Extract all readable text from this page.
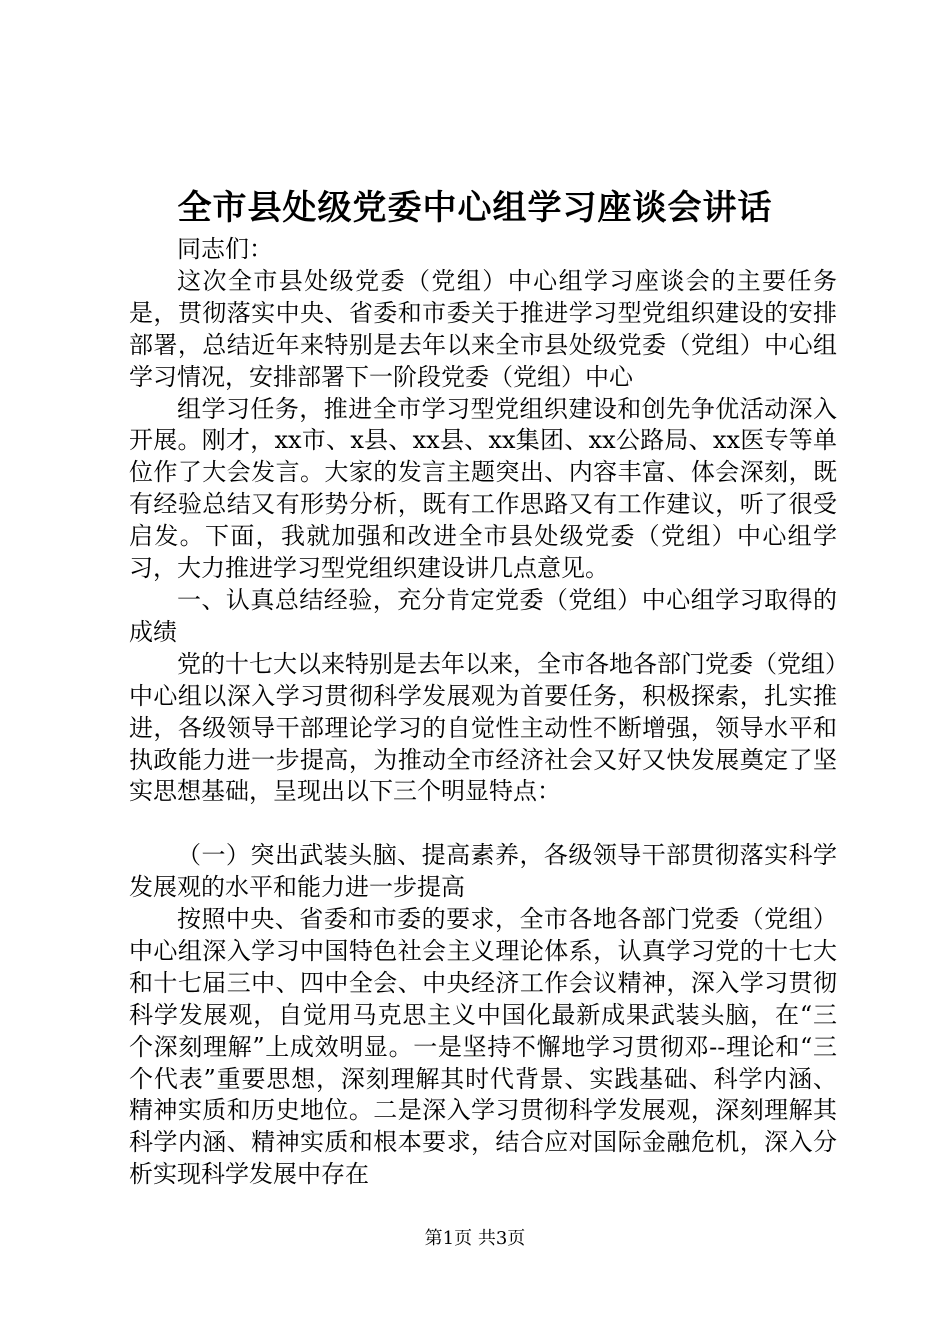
全市县处级党委中心组学习座谈会讲话

同志们：

这次全市县处级党委（党组）中心组学习座谈会的主要任务是，贯彻落实中央、省委和市委关于推进学习型党组织建设的安排部署，总结近年来特别是去年以来全市县处级党委（党组）中心组学习情况，安排部署下一阶段党委（党组）中心

组学习任务，推进全市学习型党组织建设和创先争优活动深入开展。刚才，xx市、x县、xx县、xx集团、xx公路局、xx医专等单位作了大会发言。大家的发言主题突出、内容丰富、体会深刻，既有经验总结又有形势分析，既有工作思路又有工作建议，听了很受启发。下面，我就加强和改进全市县处级党委（党组）中心组学习，大力推进学习型党组织建设讲几点意见。

一、认真总结经验，充分肯定党委（党组）中心组学习取得的成绩

党的十七大以来特别是去年以来，全市各地各部门党委（党组）中心组以深入学习贯彻科学发展观为首要任务，积极探索，扎实推进，各级领导干部理论学习的自觉性主动性不断增强，领导水平和执政能力进一步提高，为推动全市经济社会又好又快发展奠定了坚实思想基础，呈现出以下三个明显特点：

（一）突出武装头脑、提高素养，各级领导干部贯彻落实科学发展观的水平和能力进一步提高

按照中央、省委和市委的要求，全市各地各部门党委（党组）中心组深入学习中国特色社会主义理论体系，认真学习党的十七大和十七届三中、四中全会、中央经济工作会议精神，深入学习贯彻科学发展观，自觉用马克思主义中国化最新成果武装头脑，在“三个深刻理解”上成效明显。一是坚持不懈地学习贯彻邓--理论和“三个代表”重要思想，深刻理解其时代背景、实践基础、科学内涵、精神实质和历史地位。二是深入学习贯彻科学发展观，深刻理解其科学内涵、精神实质和根本要求，结合应对国际金融危机，深入分析实现科学发展中存在

第1页 共3页
